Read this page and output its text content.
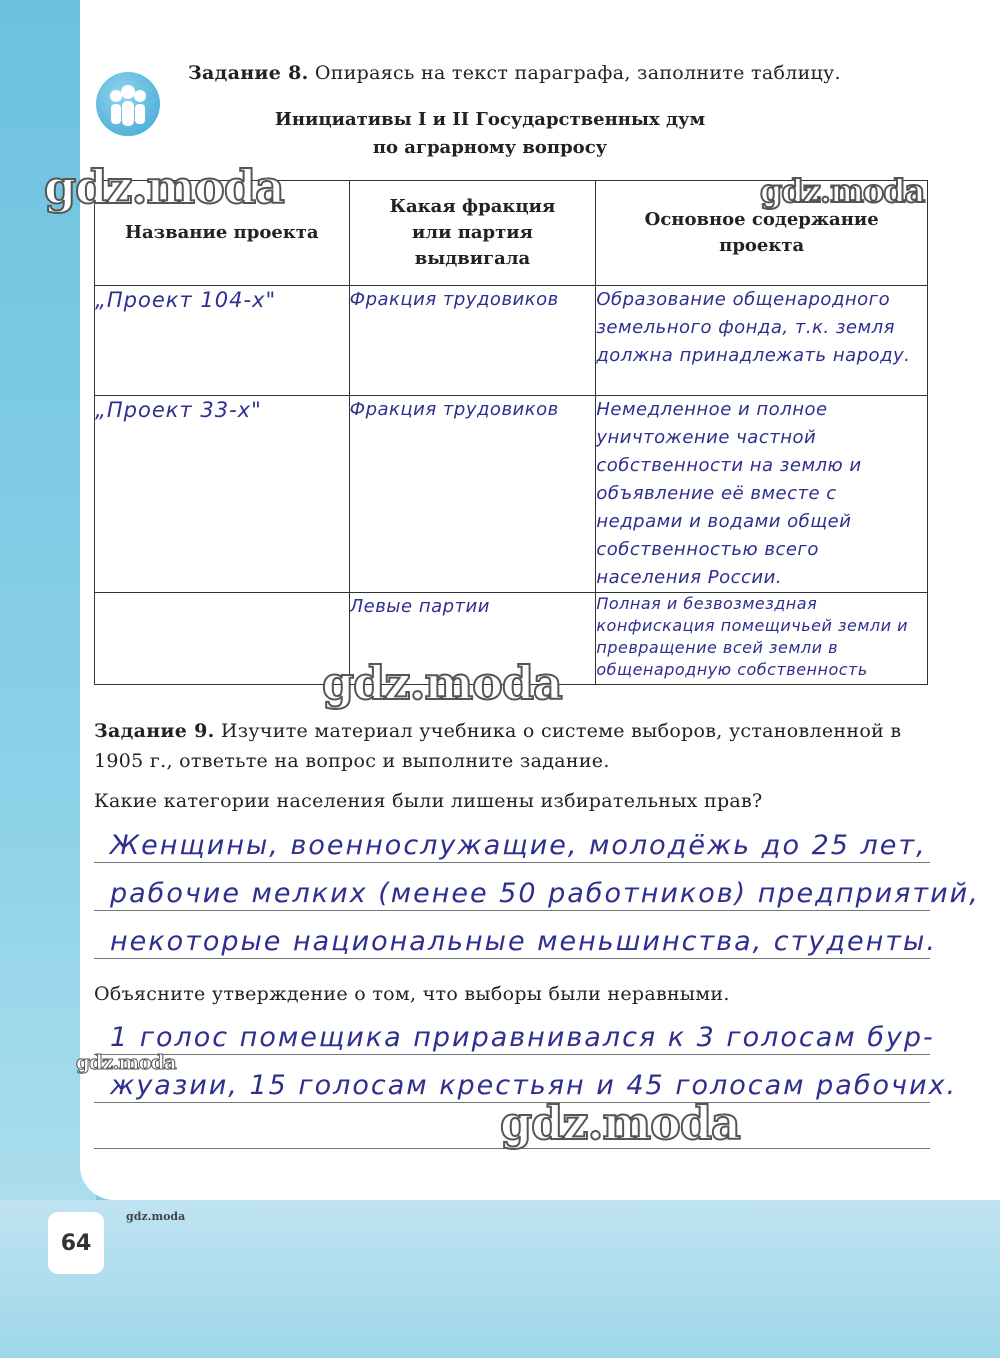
Задание 8. Опираясь на текст параграфа, заполните таблицу.
Инициативы I и II Государственных дум
по аграрному вопросу
Название проекта	Какая фракция или партия выдвигала	Основное содержание проекта
„Проект 104-х"	Фракция трудовиков	Образование общенародного земельного фонда, т.к. земля должна принадлежать народу.
„Проект 33-х"	Фракция трудовиков	Немедленное и полное уничтожение частной собственности на землю и объявление её вместе с недрами и водами общей собственностью всего населения России.
	Левые партии	Полная и безвозмездная конфискация помещичьей земли и превращение всей земли в общенародную собственность
Задание 9. Изучите материал учебника о системе выборов, установленной в 1905 г., ответьте на вопрос и выполните задание.
Какие категории населения были лишены избирательных прав?
Женщины, военнослужащие, молодёжь до 25 лет,
рабочие мелких (менее 50 работников) предприятий,
некоторые национальные меньшинства, студенты.
Объясните утверждение о том, что выборы были неравными.
1 голос помещика приравнивался к 3 голосам бур-
жуазии, 15 голосам крестьян и 45 голосам рабочих.
gdz.moda	gdz.moda
gdz.moda
gdz.moda
gdz.moda
64
gdz.moda
